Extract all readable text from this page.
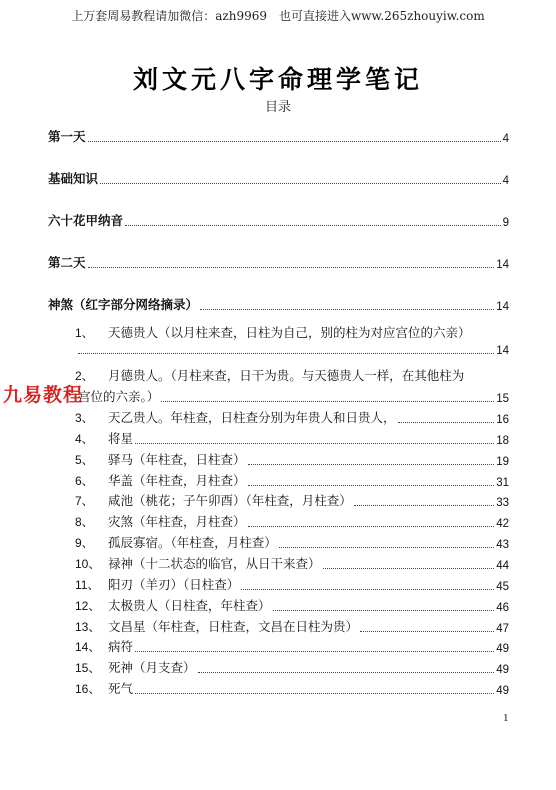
上万套周易教程请加微信：azh9969　也可直接进入www.265zhouyiw.com
刘文元八字命理学笔记
目录
第一天	4
基础知识	4
六十花甲纳音	9
第二天	14
神煞（红字部分网络摘录）	14
1、	天德贵人（以月柱来查，日柱为自己，别的柱为对应宫位的六亲）
14
2、	月德贵人。（月柱来查，日干为贵。与天德贵人一样，在其他柱为
宫位的六亲。）	15
3、	天乙贵人。年柱查，日柱查分别为年贵人和日贵人，	16
4、	将星	18
5、	驿马（年柱查，日柱查）	19
6、	华盖（年柱查，月柱查）	31
7、	咸池（桃花；子午卯酉）（年柱查，月柱查）	33
8、	灾煞（年柱查，月柱查）	42
9、	孤辰寡宿。（年柱查，月柱查）	43
10、 禄神（十二状态的临官，从日干来查）	44
11、 阳刃（羊刃）（日柱查）	45
12、 太极贵人（日柱查，年柱查）	46
13、 文昌星（年柱查，日柱查，文昌在日柱为贵）	47
14、 病符	49
15、 死神（月支查）	49
16、 死气	49
九易教程
1
